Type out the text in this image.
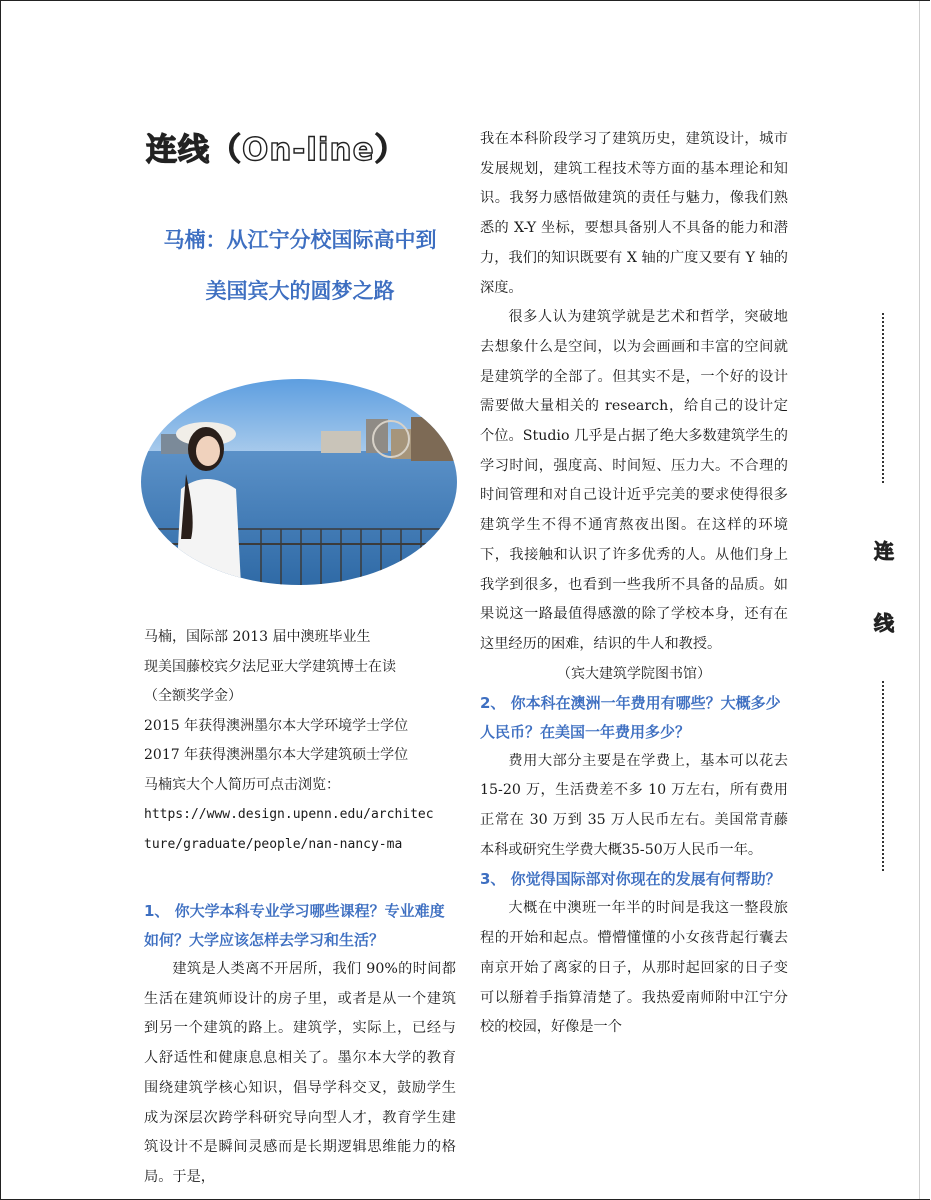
连线（On-line）
马楠：从江宁分校国际高中到
美国宾大的圆梦之路
马楠，国际部 2013 届中澳班毕业生
现美国藤校宾夕法尼亚大学建筑博士在读
（全额奖学金）
2015 年获得澳洲墨尔本大学环境学士学位
2017 年获得澳洲墨尔本大学建筑硕士学位
马楠宾大个人简历可点击浏览：
https://www.design.upenn.edu/architec
ture/graduate/people/nan-nancy-ma
1、 你大学本科专业学习哪些课程？专业难度如何？大学应该怎样去学习和生活？
建筑是人类离不开居所，我们 90%的时间都生活在建筑师设计的房子里，或者是从一个建筑到另一个建筑的路上。建筑学，实际上，已经与人舒适性和健康息息相关了。墨尔本大学的教育围绕建筑学核心知识，倡导学科交叉，鼓励学生成为深层次跨学科研究导向型人才，教育学生建筑设计不是瞬间灵感而是长期逻辑思维能力的格局。于是，
我在本科阶段学习了建筑历史，建筑设计，城市发展规划，建筑工程技术等方面的基本理论和知识。我努力感悟做建筑的责任与魅力，像我们熟悉的 X-Y 坐标，要想具备别人不具备的能力和潜力，我们的知识既要有 X 轴的广度又要有 Y 轴的深度。
很多人认为建筑学就是艺术和哲学，突破地去想象什么是空间，以为会画画和丰富的空间就是建筑学的全部了。但其实不是，一个好的设计需要做大量相关的 research，给自己的设计定个位。Studio 几乎是占据了绝大多数建筑学生的学习时间，强度高、时间短、压力大。不合理的时间管理和对自己设计近乎完美的要求使得很多建筑学生不得不通宵熬夜出图。在这样的环境下，我接触和认识了许多优秀的人。从他们身上我学到很多，也看到一些我所不具备的品质。如果说这一路最值得感激的除了学校本身，还有在这里经历的困难，结识的牛人和教授。
（宾大建筑学院图书馆）
2、 你本科在澳洲一年费用有哪些？大概多少人民币？在美国一年费用多少？
费用大部分主要是在学费上，基本可以花去 15-20 万，生活费差不多 10 万左右，所有费用正常在 30 万到 35 万人民币左右。美国常青藤本科或研究生学费大概35-50万人民币一年。
3、 你觉得国际部对你现在的发展有何帮助？
大概在中澳班一年半的时间是我这一整段旅程的开始和起点。懵懵懂懂的小女孩背起行囊去南京开始了离家的日子，从那时起回家的日子变可以掰着手指算清楚了。我热爱南师附中江宁分校的校园，好像是一个
连
线
